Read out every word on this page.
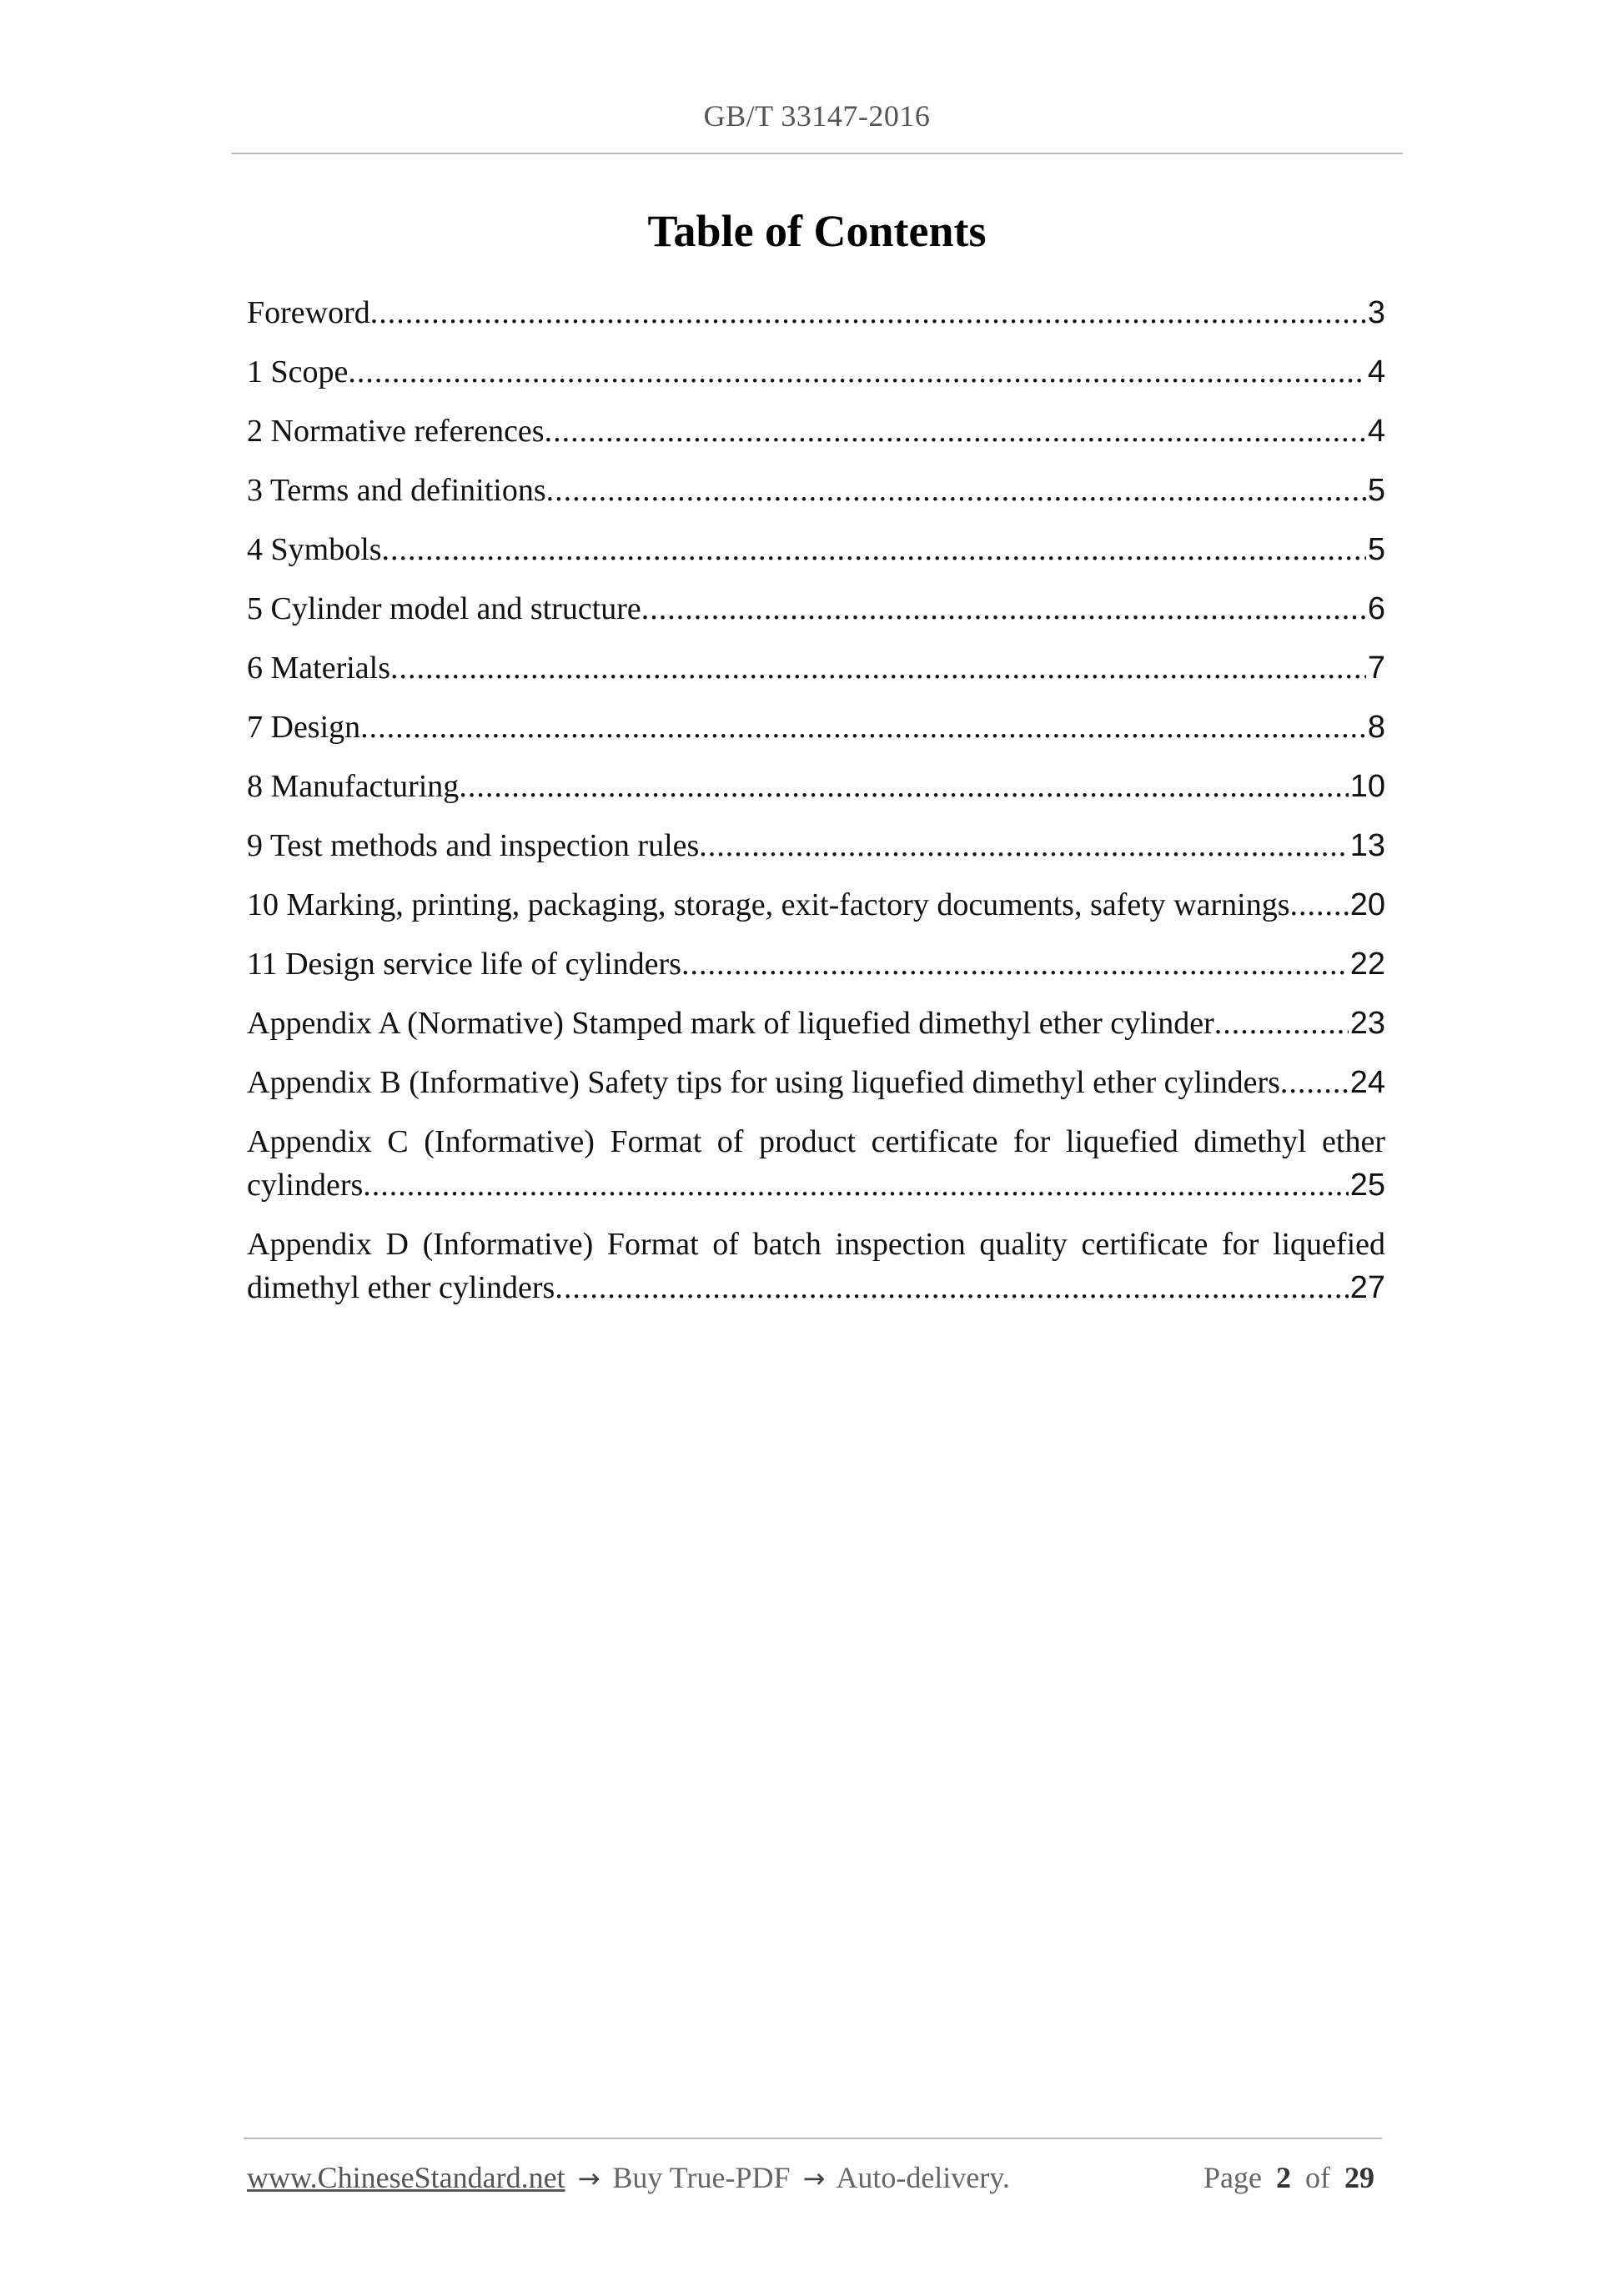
GB/T 33147-2016
Table of Contents
Foreword .....	3
1 Scope .....	4
2 Normative references .....	4
3 Terms and definitions .....	5
4 Symbols .....	5
5 Cylinder model and structure .....	6
6 Materials .....	7
7 Design .....	8
8 Manufacturing .....	10
9 Test methods and inspection rules .....	13
10 Marking, printing, packaging, storage, exit-factory documents, safety warnings ..... 20
11 Design service life of cylinders .....	22
Appendix A (Normative) Stamped mark of liquefied dimethyl ether cylinder .....	23
Appendix B (Informative) Safety tips for using liquefied dimethyl ether cylinders ..... 24
Appendix C (Informative) Format of product certificate for liquefied dimethyl ether
cylinders .....	25
Appendix D (Informative) Format of batch inspection quality certificate for liquefied
dimethyl ether cylinders .....	27
www.ChineseStandard.net → Buy True-PDF → Auto-delivery.	Page 2 of 29
